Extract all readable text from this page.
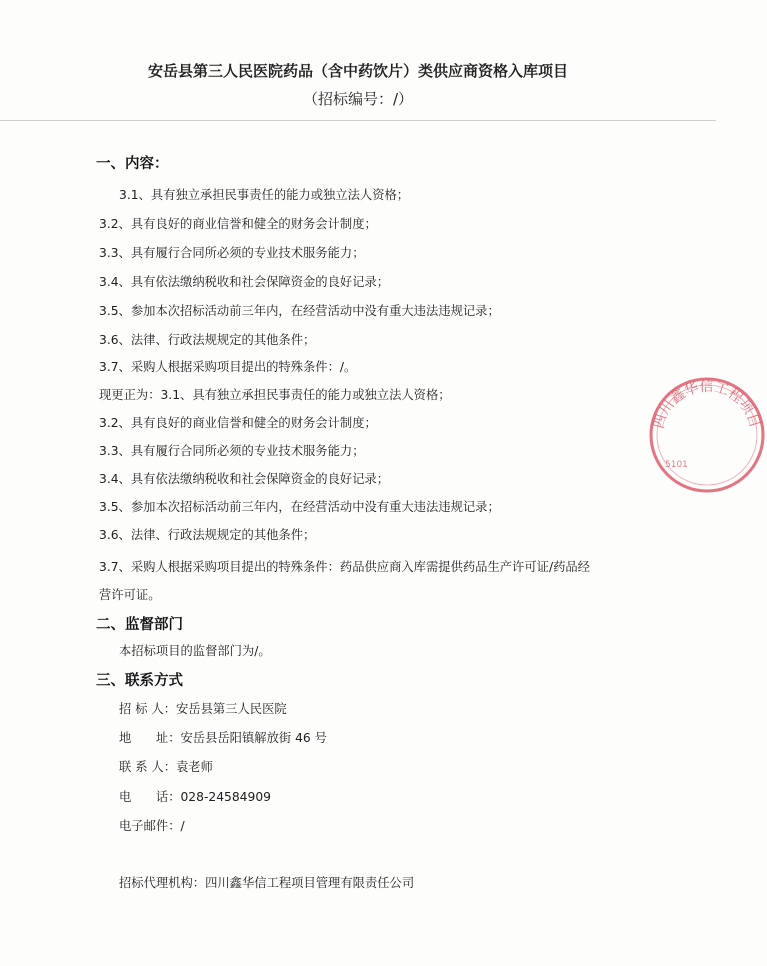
安岳县第三人民医院药品（含中药饮片）类供应商资格入库项目
（招标编号：/）
一、内容：
3.1、具有独立承担民事责任的能力或独立法人资格；
3.2、具有良好的商业信誉和健全的财务会计制度；
3.3、具有履行合同所必须的专业技术服务能力；
3.4、具有依法缴纳税收和社会保障资金的良好记录；
3.5、参加本次招标活动前三年内，在经营活动中没有重大违法违规记录；
3.6、法律、行政法规规定的其他条件；
3.7、采购人根据采购项目提出的特殊条件：/。
现更正为：3.1、具有独立承担民事责任的能力或独立法人资格；
3.2、具有良好的商业信誉和健全的财务会计制度；
3.3、具有履行合同所必须的专业技术服务能力；
3.4、具有依法缴纳税收和社会保障资金的良好记录；
3.5、参加本次招标活动前三年内，在经营活动中没有重大违法违规记录；
3.6、法律、行政法规规定的其他条件；
3.7、采购人根据采购项目提出的特殊条件：药品供应商入库需提供药品生产许可证/药品经
营许可证。
二、监督部门
本招标项目的监督部门为/。
三、联系方式
招 标 人：安岳县第三人民医院
地　　址：安岳县岳阳镇解放街 46 号
联 系 人：袁老师
电　　话：028-24584909
电子邮件：/
招标代理机构：四川鑫华信工程项目管理有限责任公司
四川鑫华信工程项目
5101
